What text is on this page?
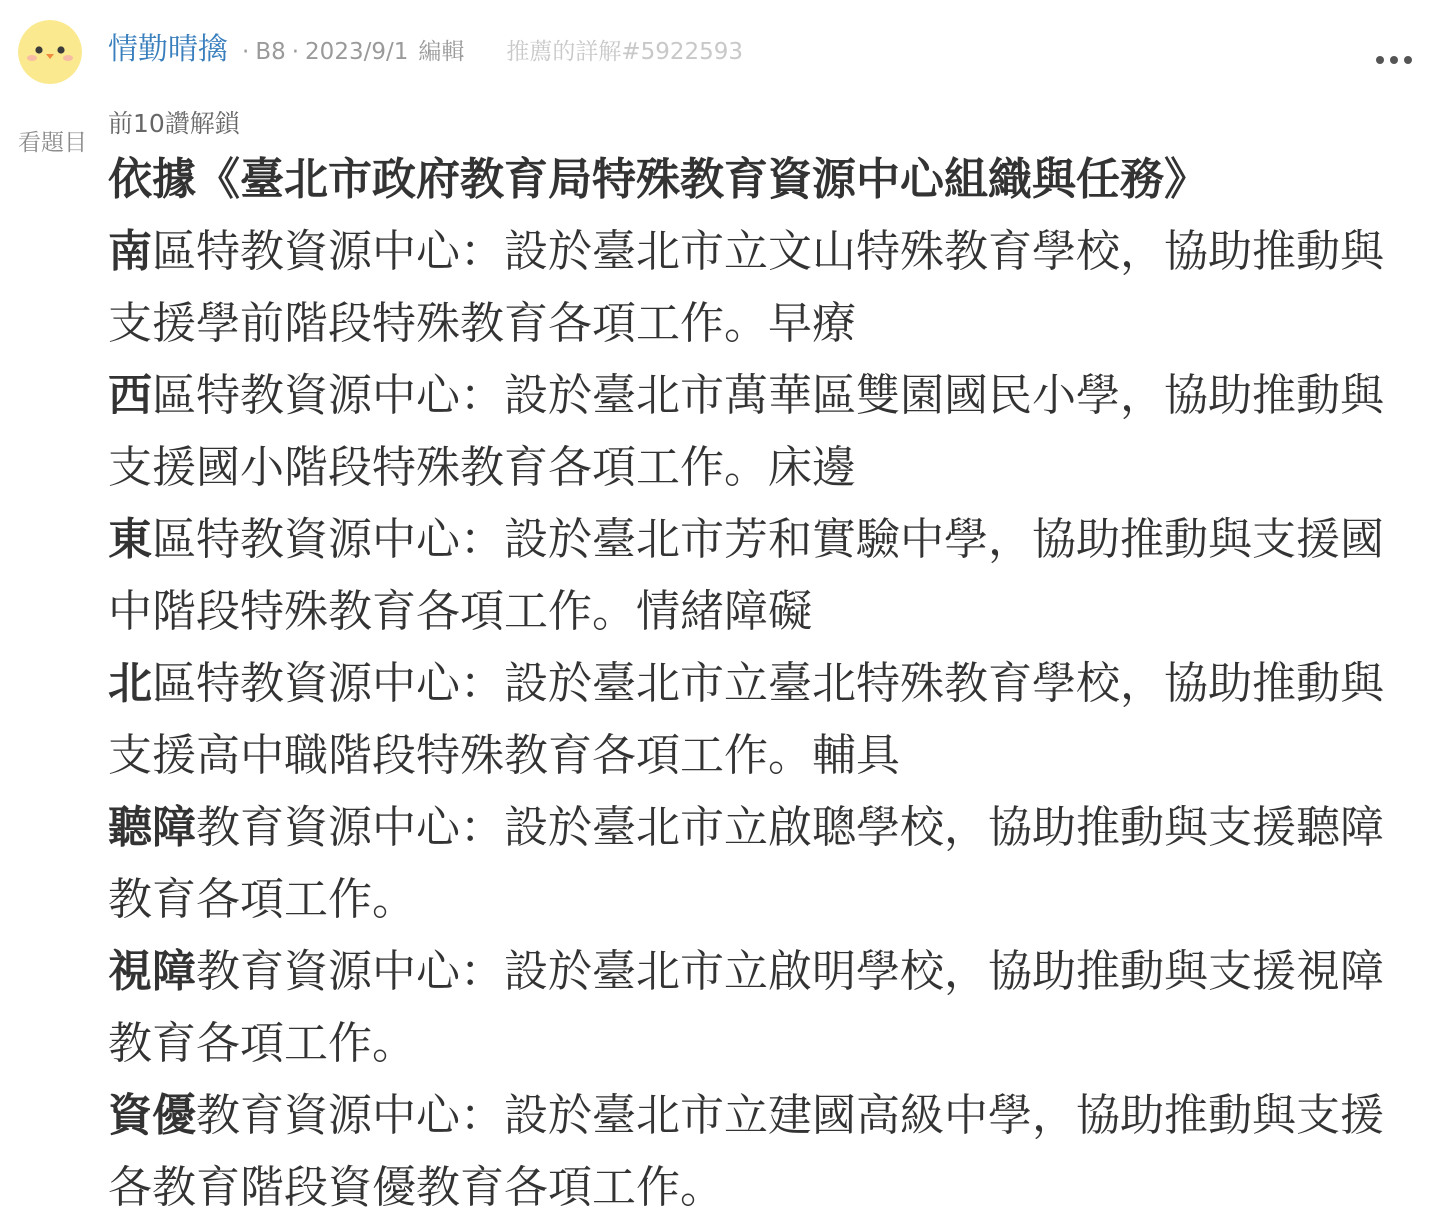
情勤晴擒 · B8 · 2023/9/1 編輯 推薦的詳解#5922593
看題目
前10讚解鎖
依據《臺北市政府教育局特殊教育資源中心組織與任務》

南區特教資源中心：設於臺北市立文山特殊教育學校，協助推動與支援學前階段特殊教育各項工作。早療

西區特教資源中心：設於臺北市萬華區雙園國民小學，協助推動與支援國小階段特殊教育各項工作。床邊

東區特教資源中心：設於臺北市芳和實驗中學，協助推動與支援國中階段特殊教育各項工作。情緒障礙

北區特教資源中心：設於臺北市立臺北特殊教育學校，協助推動與支援高中職階段特殊教育各項工作。輔具

聽障教育資源中心：設於臺北市立啟聰學校，協助推動與支援聽障教育各項工作。

視障教育資源中心：設於臺北市立啟明學校，協助推動與支援視障教育各項工作。

資優教育資源中心：設於臺北市立建國高級中學，協助推動與支援各教育階段資優教育各項工作。
